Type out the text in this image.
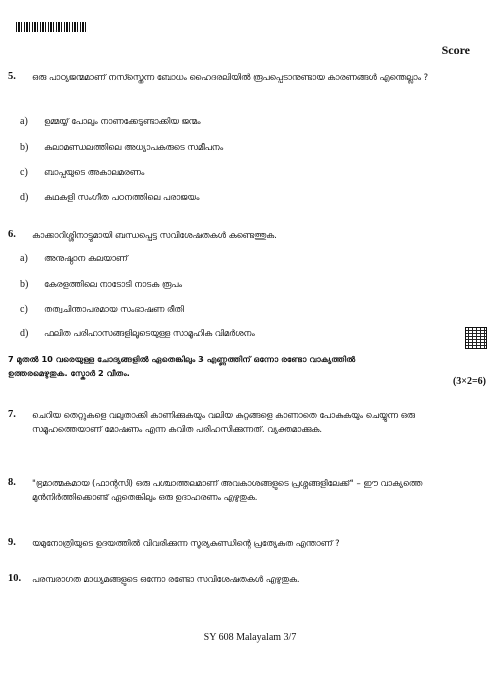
Score
5. ഒരു പാഠ്യജന്മമാണ് നസ്സ്തെന്ന ബോധം ഹൈദരലിയിൽ രൂപപ്പെടാനുണ്ടായ കാരണങ്ങൾ എന്തെല്ലാം ?
a) ഉമ്മയ്യ് പോലും നാണക്കേടുണ്ടാക്കിയ ജന്മം
b) കലാമണ്ഡലത്തിലെ അധ്യാപകരുടെ സമീപനം
c) ബാപ്പയുടെ അകാലമരണം
d) കഥകളി സംഗീത പഠനത്തിലെ പരാജയം
6. കാക്കാറിശ്ശിനാട്ടുമായി ബന്ധപ്പെട്ട സവിശേഷതകൾ കണ്ടെത്തുക.
a) അനുഷ്ഠാന കലയാണ്
b) കേരളത്തിലെ നാടോടി നാടക രൂപം
c) തത്വചിന്താപരമായ സംഭാഷണ രീതി
d) ഫലിത പരിഹാസങ്ങളിലൂടെയുള്ള സാമൂഹിക വിമർശനം
7 മുതൽ 10 വരെയുള്ള ചോദ്യങ്ങളിൽ ഏതെങ്കിലും 3 എണ്ണത്തിന് ഒന്നോ രണ്ടോ വാക്യത്തിൽ ഉത്തരമെഴുതുക. സ്കോർ 2 വീതം.
(3×2=6)
7. ചെറിയ തെറ്റുകളെ വലുതാക്കി കാണിക്കുകയും വലിയ കുറ്റങ്ങളെ കാണാതെ പോകുകയും ചെയ്യുന്ന ഒരു സമൂഹത്തെയാണ് മോഷണം എന്ന കവിത പരിഹസിക്കുന്നത്. വ്യക്തമാക്കുക.
8. "ഭ്രമാത്മകമായ (ഫാന്റസി) ഒരു പശ്ചാത്തലമാണ് അവകാശങ്ങളുടെ പ്രശ്നങ്ങളിലേക്ക്" – ഈ വാക്യത്തെ മുൻനിർത്തിക്കൊണ്ട് ഏതെങ്കിലും ഒരു ഉദാഹരണം എഴുതുക.
9. യമുനോത്രിയുടെ ഉദയത്തിൽ വിവരിക്കുന്ന സൂര്യകുണ്ഡിന്റെ പ്രത്യേകത എന്താണ് ?
10. പരമ്പരാഗത മാധ്യമങ്ങളുടെ ഒന്നോ രണ്ടോ സവിശേഷതകൾ എഴുതുക.
SY 608 Malayalam 3/7
